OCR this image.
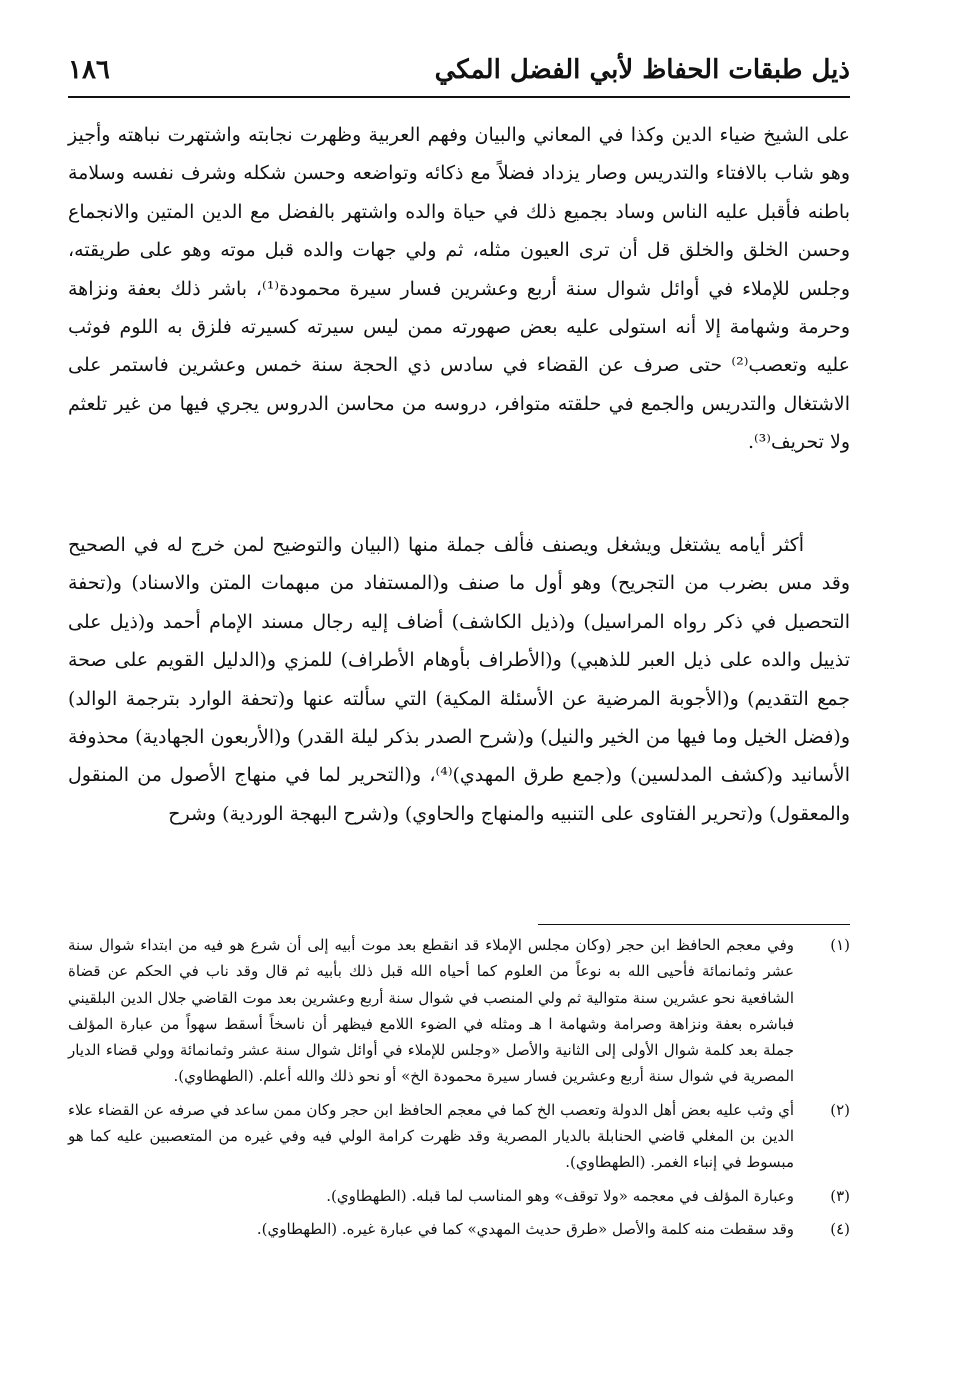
ذيل طبقات الحفاظ لأبي الفضل المكي
١٨٦

على الشيخ ضياء الدين وكذا في المعاني والبيان وفهم العربية وظهرت نجابته واشتهرت نباهته وأجيز وهو شاب بالافتاء والتدريس وصار يزداد فضلاً مع ذكائه وتواضعه وحسن شكله وشرف نفسه وسلامة باطنه فأقبل عليه الناس وساد بجميع ذلك في حياة والده واشتهر بالفضل مع الدين المتين والانجماع وحسن الخلق والخلق قل أن ترى العيون مثله، ثم ولي جهات والده قبل موته وهو على طريقته، وجلس للإملاء في أوائل شوال سنة أربع وعشرين فسار سيرة محمودة⁽¹⁾، باشر ذلك بعفة ونزاهة وحرمة وشهامة إلا أنه استولى عليه بعض صهورته ممن ليس سيرته كسيرته فلزق به اللوم فوثب عليه وتعصب⁽²⁾ حتى صرف عن القضاء في سادس ذي الحجة سنة خمس وعشرين فاستمر على الاشتغال والتدريس والجمع في حلقته متوافر، دروسه من محاسن الدروس يجري فيها من غير تلعثم ولا تحريف⁽³⁾.

أكثر أيامه يشتغل ويشغل ويصنف فألف جملة منها (البيان والتوضيح لمن خرج له في الصحيح وقد مس بضرب من التجريح) وهو أول ما صنف و(المستفاد من مبهمات المتن والاسناد) و(تحفة التحصيل في ذكر رواه المراسيل) و(ذيل الكاشف) أضاف إليه رجال مسند الإمام أحمد و(ذيل على تذييل والده على ذيل العبر للذهبي) و(الأطراف بأوهام الأطراف) للمزي و(الدليل القويم على صحة جمع التقديم) و(الأجوبة المرضية عن الأسئلة المكية) التي سألته عنها و(تحفة الوارد بترجمة الوالد) و(فضل الخيل وما فيها من الخير والنيل) و(شرح الصدر بذكر ليلة القدر) و(الأربعون الجهادية) محذوفة الأسانيد و(كشف المدلسين) و(جمع طرق المهدي)⁽⁴⁾، و(التحرير لما في منهاج الأصول من المنقول والمعقول) و(تحرير الفتاوى على التنبيه والمنهاج والحاوي) و(شرح البهجة الوردية) وشرح

(١)
وفي معجم الحافظ ابن حجر (وكان مجلس الإملاء قد انقطع بعد موت أبيه إلى أن شرع هو فيه من ابتداء شوال سنة عشر وثمانمائة فأحيى الله به نوعاً من العلوم كما أحياه الله قبل ذلك بأبيه ثم قال وقد ناب في الحكم عن قضاة الشافعية نحو عشرين سنة متوالية ثم ولي المنصب في شوال سنة أربع وعشرين بعد موت القاضي جلال الدين البلقيني فباشره بعفة ونزاهة وصرامة وشهامة ا هـ ومثله في الضوء اللامع فيظهر أن ناسخاً أسقط سهواً من عبارة المؤلف جملة بعد كلمة شوال الأولى إلى الثانية والأصل «وجلس للإملاء في أوائل شوال سنة عشر وثمانمائة وولي قضاء الديار المصرية في شوال سنة أربع وعشرين فسار سيرة محمودة الخ» أو نحو ذلك والله أعلم. (الطهطاوي).
(٢)
أي وثب عليه بعض أهل الدولة وتعصب الخ كما في معجم الحافظ ابن حجر وكان ممن ساعد في صرفه عن القضاء علاء الدين بن المغلي قاضي الحنابلة بالديار المصرية وقد ظهرت كرامة الولي فيه وفي غيره من المتعصبين عليه كما هو مبسوط في إنباء الغمر. (الطهطاوي).
(٣)
وعبارة المؤلف في معجمه «ولا توقف» وهو المناسب لما قبله. (الطهطاوي).
(٤)
وقد سقطت منه كلمة والأصل «طرق حديث المهدي» كما في عبارة غيره. (الطهطاوي).
